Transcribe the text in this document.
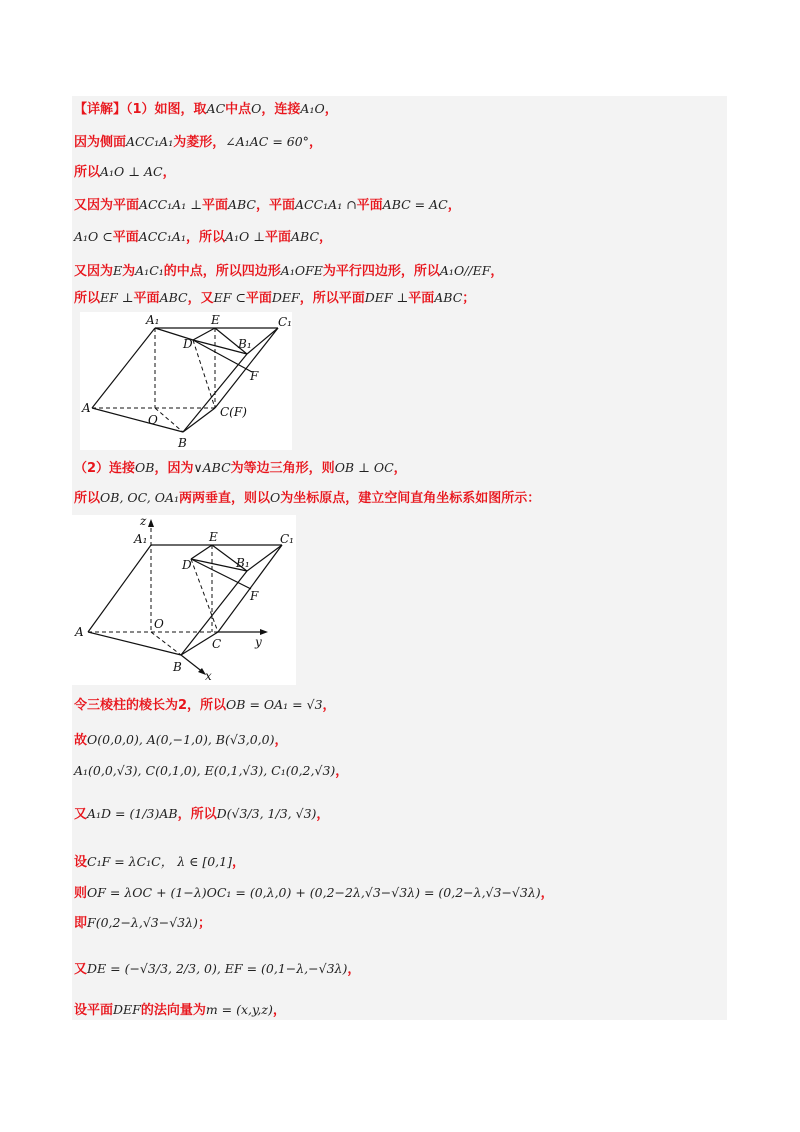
【详解】（1）如图，取AC中点O，连接A₁O，
因为侧面ACC₁A₁为菱形，∠A₁AC = 60°，
所以A₁O ⊥ AC，
又因为平面ACC₁A₁ ⊥平面ABC，平面ACC₁A₁ ∩平面ABC = AC，
A₁O ⊂平面ACC₁A₁，所以A₁O ⊥平面ABC，
又因为E为A₁C₁的中点，所以四边形A₁OFE为平行四边形，所以A₁O//EF，
所以EF ⊥平面ABC，又EF ⊂平面DEF，所以平面DEF ⊥平面ABC；
A₁	E	C₁
D	B₁
F
A
O
C(F)
B
（2）连接OB，因为∨ABC为等边三角形，则OB ⊥ OC，
所以OB, OC, OA₁两两垂直，则以O为坐标原点，建立空间直角坐标系如图所示：
z
A₁	E	C₁
D	B₁
F
A
O
C	y
B
x
令三棱柱的棱长为2，所以OB = OA₁ = √3，
故O(0,0,0), A(0,−1,0), B(√3,0,0)，
A₁(0,0,√3), C(0,1,0), E(0,1,√3), C₁(0,2,√3)，
又A₁D = (1/3)AB，所以D(√3/3, 1/3, √3)，
设C₁F = λC₁C， λ ∈ [0,1]，
则OF = λOC + (1−λ)OC₁ = (0,λ,0) + (0,2−2λ,√3−√3λ) = (0,2−λ,√3−√3λ)，
即F(0,2−λ,√3−√3λ)；
又DE = (−√3/3, 2/3, 0), EF = (0,1−λ,−√3λ)，
设平面DEF的法向量为m = (x,y,z)，
